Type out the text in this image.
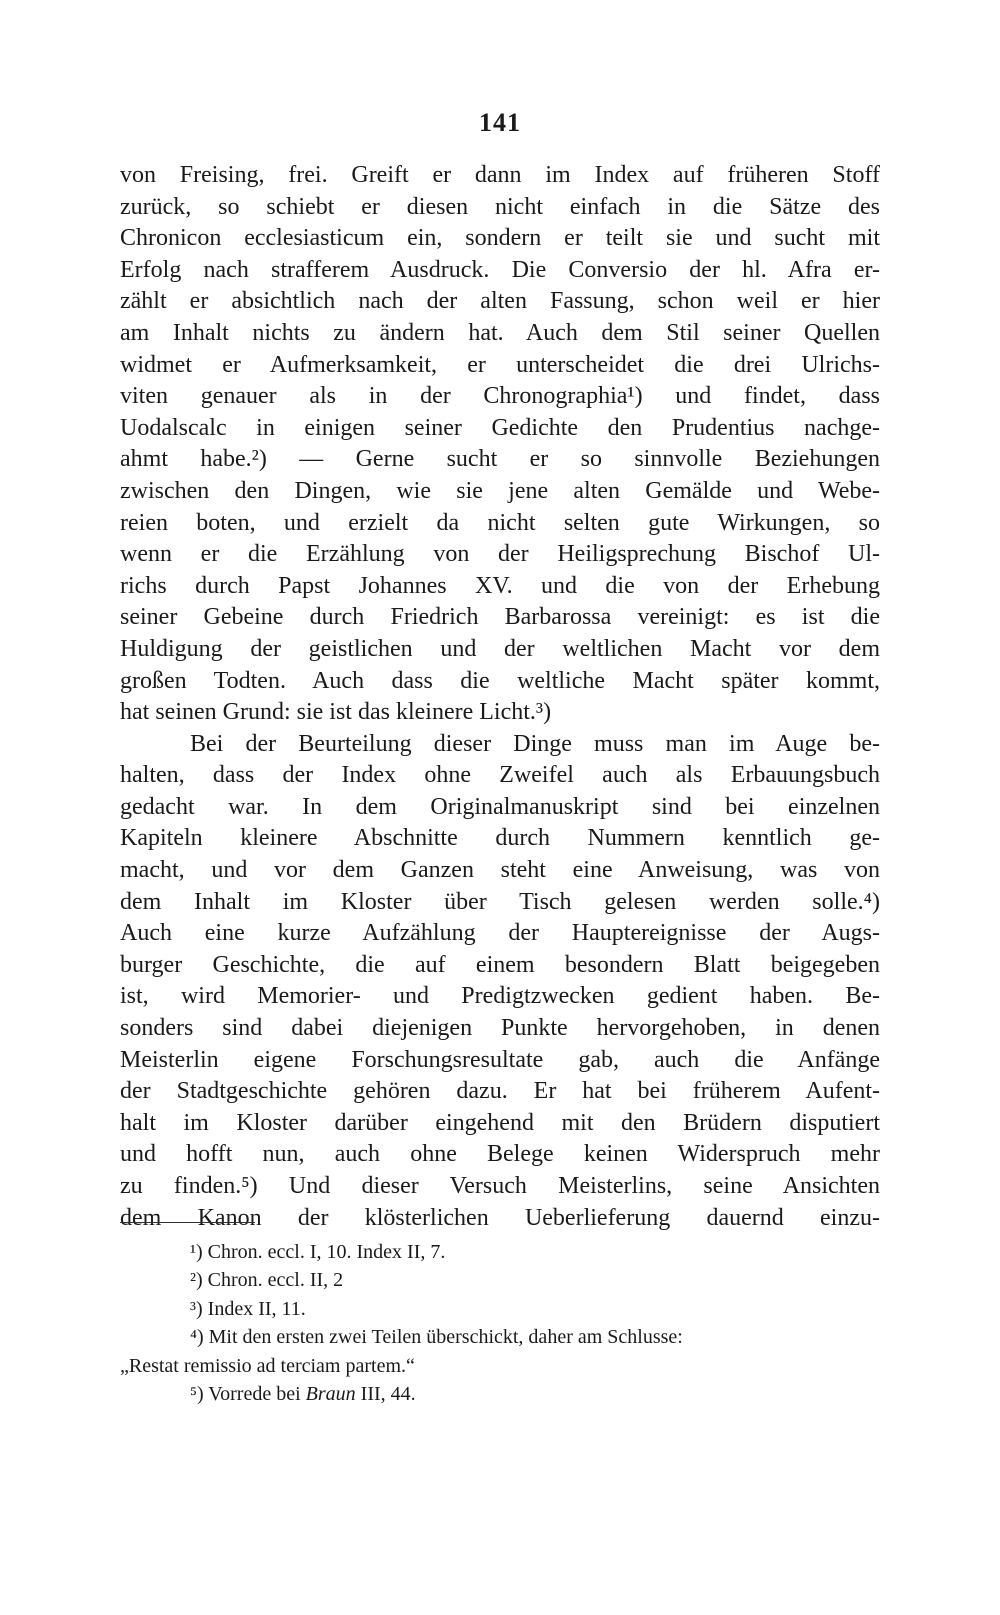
141
von Freising, frei. Greift er dann im Index auf früheren Stoff
zurück, so schiebt er diesen nicht einfach in die Sätze des
Chronicon ecclesiasticum ein, sondern er teilt sie und sucht mit
Erfolg nach strafferem Ausdruck. Die Conversio der hl. Afra er-
zählt er absichtlich nach der alten Fassung, schon weil er hier
am Inhalt nichts zu ändern hat. Auch dem Stil seiner Quellen
widmet er Aufmerksamkeit, er unterscheidet die drei Ulrichs-
viten genauer als in der Chronographia¹) und findet, dass
Uodalscalc in einigen seiner Gedichte den Prudentius nachge-
ahmt habe.²) — Gerne sucht er so sinnvolle Beziehungen
zwischen den Dingen, wie sie jene alten Gemälde und Webe-
reien boten, und erzielt da nicht selten gute Wirkungen, so
wenn er die Erzählung von der Heiligsprechung Bischof Ul-
richs durch Papst Johannes XV. und die von der Erhebung
seiner Gebeine durch Friedrich Barbarossa vereinigt: es ist die
Huldigung der geistlichen und der weltlichen Macht vor dem
großen Todten. Auch dass die weltliche Macht später kommt,
hat seinen Grund: sie ist das kleinere Licht.³)
Bei der Beurteilung dieser Dinge muss man im Auge be-
halten, dass der Index ohne Zweifel auch als Erbauungsbuch
gedacht war. In dem Originalmanuskript sind bei einzelnen
Kapiteln kleinere Abschnitte durch Nummern kenntlich ge-
macht, und vor dem Ganzen steht eine Anweisung, was von
dem Inhalt im Kloster über Tisch gelesen werden solle.⁴)
Auch eine kurze Aufzählung der Hauptereignisse der Augs-
burger Geschichte, die auf einem besondern Blatt beigegeben
ist, wird Memorier- und Predigtzwecken gedient haben. Be-
sonders sind dabei diejenigen Punkte hervorgehoben, in denen
Meisterlin eigene Forschungsresultate gab, auch die Anfänge
der Stadtgeschichte gehören dazu. Er hat bei früherem Aufent-
halt im Kloster darüber eingehend mit den Brüdern disputiert
und hofft nun, auch ohne Belege keinen Widerspruch mehr
zu finden.⁵) Und dieser Versuch Meisterlins, seine Ansichten
dem Kanon der klösterlichen Ueberlieferung dauernd einzu-
¹) Chron. eccl. I, 10. Index II, 7.
²) Chron. eccl. II, 2
³) Index II, 11.
⁴) Mit den ersten zwei Teilen überschickt, daher am Schlusse:
„Restat remissio ad terciam partem.“
⁵) Vorrede bei Braun III, 44.
